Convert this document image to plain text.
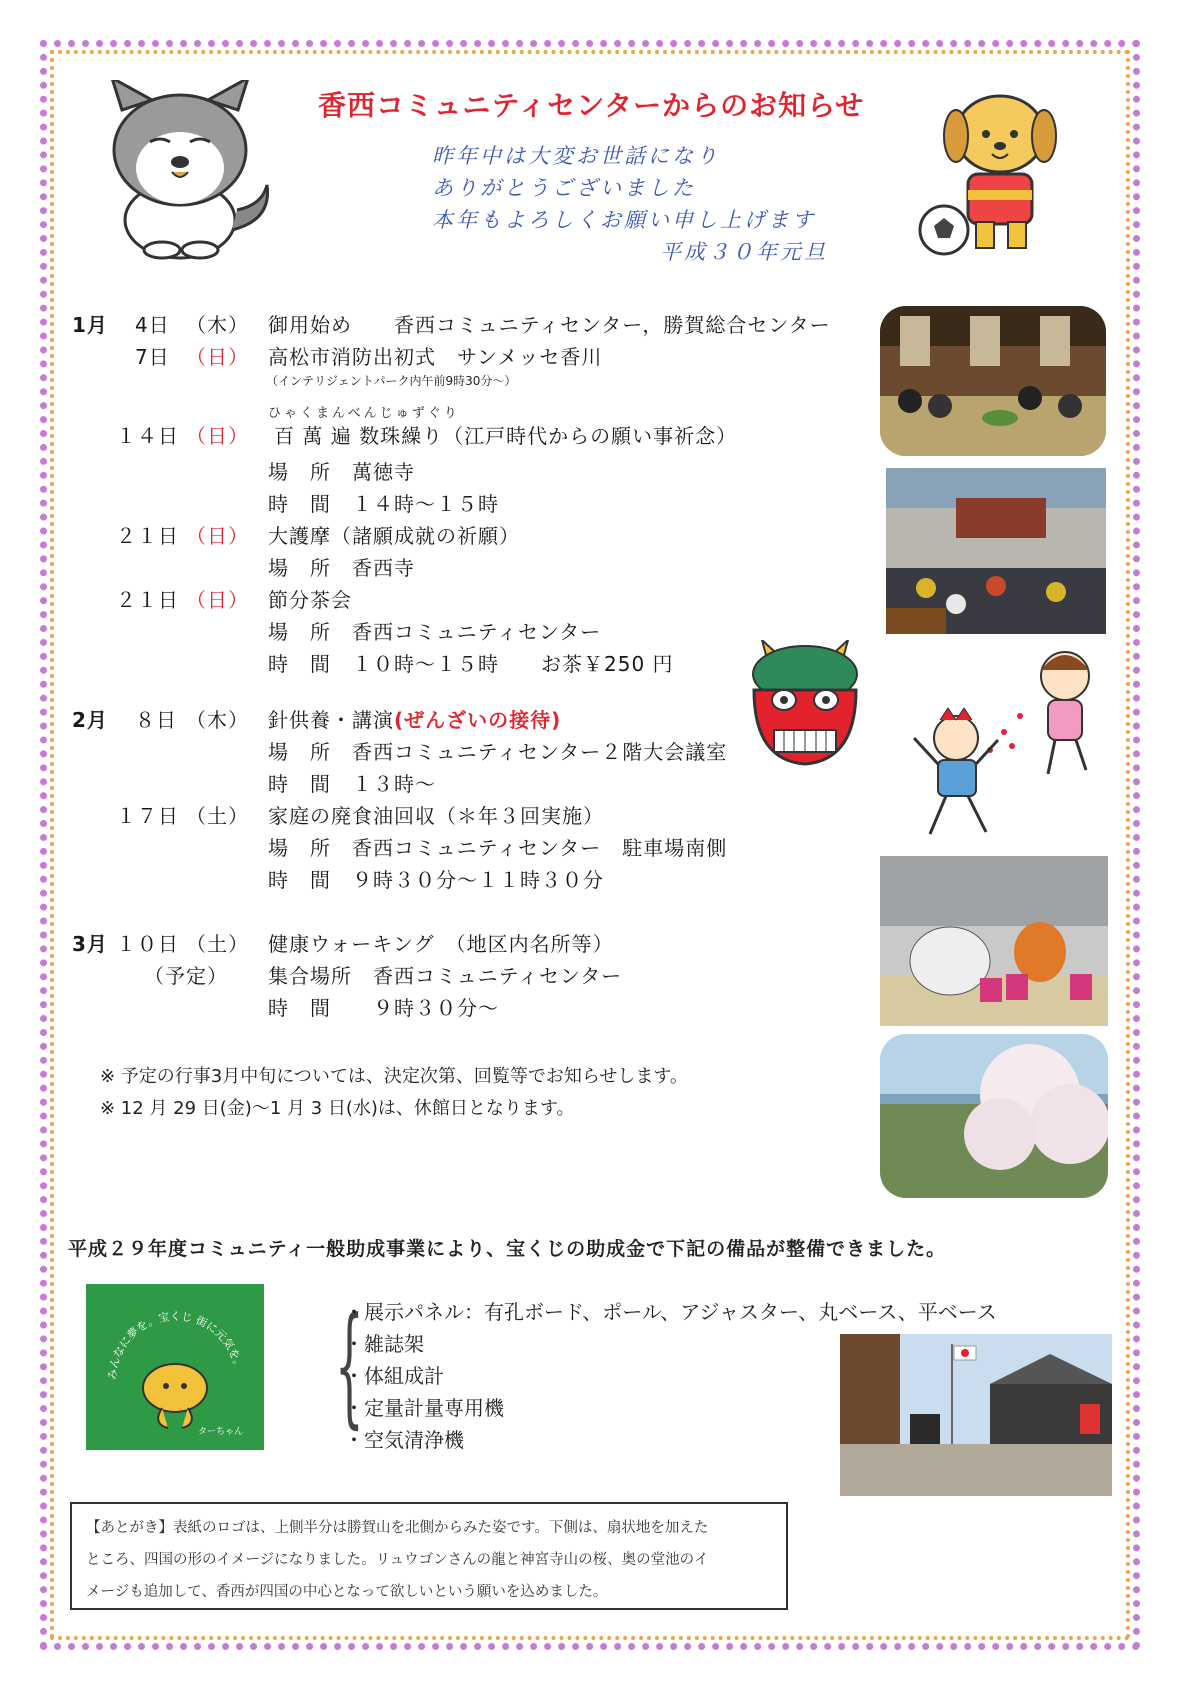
香西コミュニティセンターからのお知らせ
昨年中は大変お世話になり
ありがとうございました
本年もよろしくお願い申し上げます
平成３０年元旦
1月 4日 （木） 御用始め　　香西コミュニティセンター，勝賀総合センター
7日 （日） 高松市消防出初式　サンメッセ香川
（インテリジェントパーク内午前9時30分～）
ひゃくまんべんじゅずぐり
１４日 （日） 百 萬 遍 数珠繰り（江戸時代からの願い事祈念）
場　所　萬徳寺
時　間　１４時～１５時
２１日 （日） 大護摩（諸願成就の祈願）
場　所　香西寺
２１日 （日） 節分茶会
場　所　香西コミュニティセンター
時　間　１０時～１５時　　お茶￥250 円
2月 ８日 （木） 針供養・講演(ぜんざいの接待)
場　所　香西コミュニティセンター２階大会議室
時　間　１３時～
１７日 （土） 家庭の廃食油回収（＊年３回実施）
場　所　香西コミュニティセンター　駐車場南側
時　間　９時３０分～１１時３０分
3月 １０日 （土） 健康ウォーキング　（地区内名所等）
（予定） 集合場所　香西コミュニティセンター
時　間　　９時３０分～
※ 予定の行事3月中旬については、決定次第、回覧等でお知らせします。
※ 12 月 29 日(金)～1 月 3 日(水)は、休館日となります。
平成２９年度コミュニティ一般助成事業により、宝くじの助成金で下記の備品が整備できました。
みんなに夢を。宝くじ 街に元気を。
ターちゃん {
・展示パネル：有孔ボード、ポール、アジャスター、丸ベース、平ベース
・雑誌架
・体組成計
・定量計量専用機
・空気清浄機
【あとがき】表紙のロゴは、上側半分は勝賀山を北側からみた姿です。下側は、扇状地を加えた
ところ、四国の形のイメージになりました。リュウゴンさんの龍と神宮寺山の桜、奥の堂池のイ
メージも追加して、香西が四国の中心となって欲しいという願いを込めました。
